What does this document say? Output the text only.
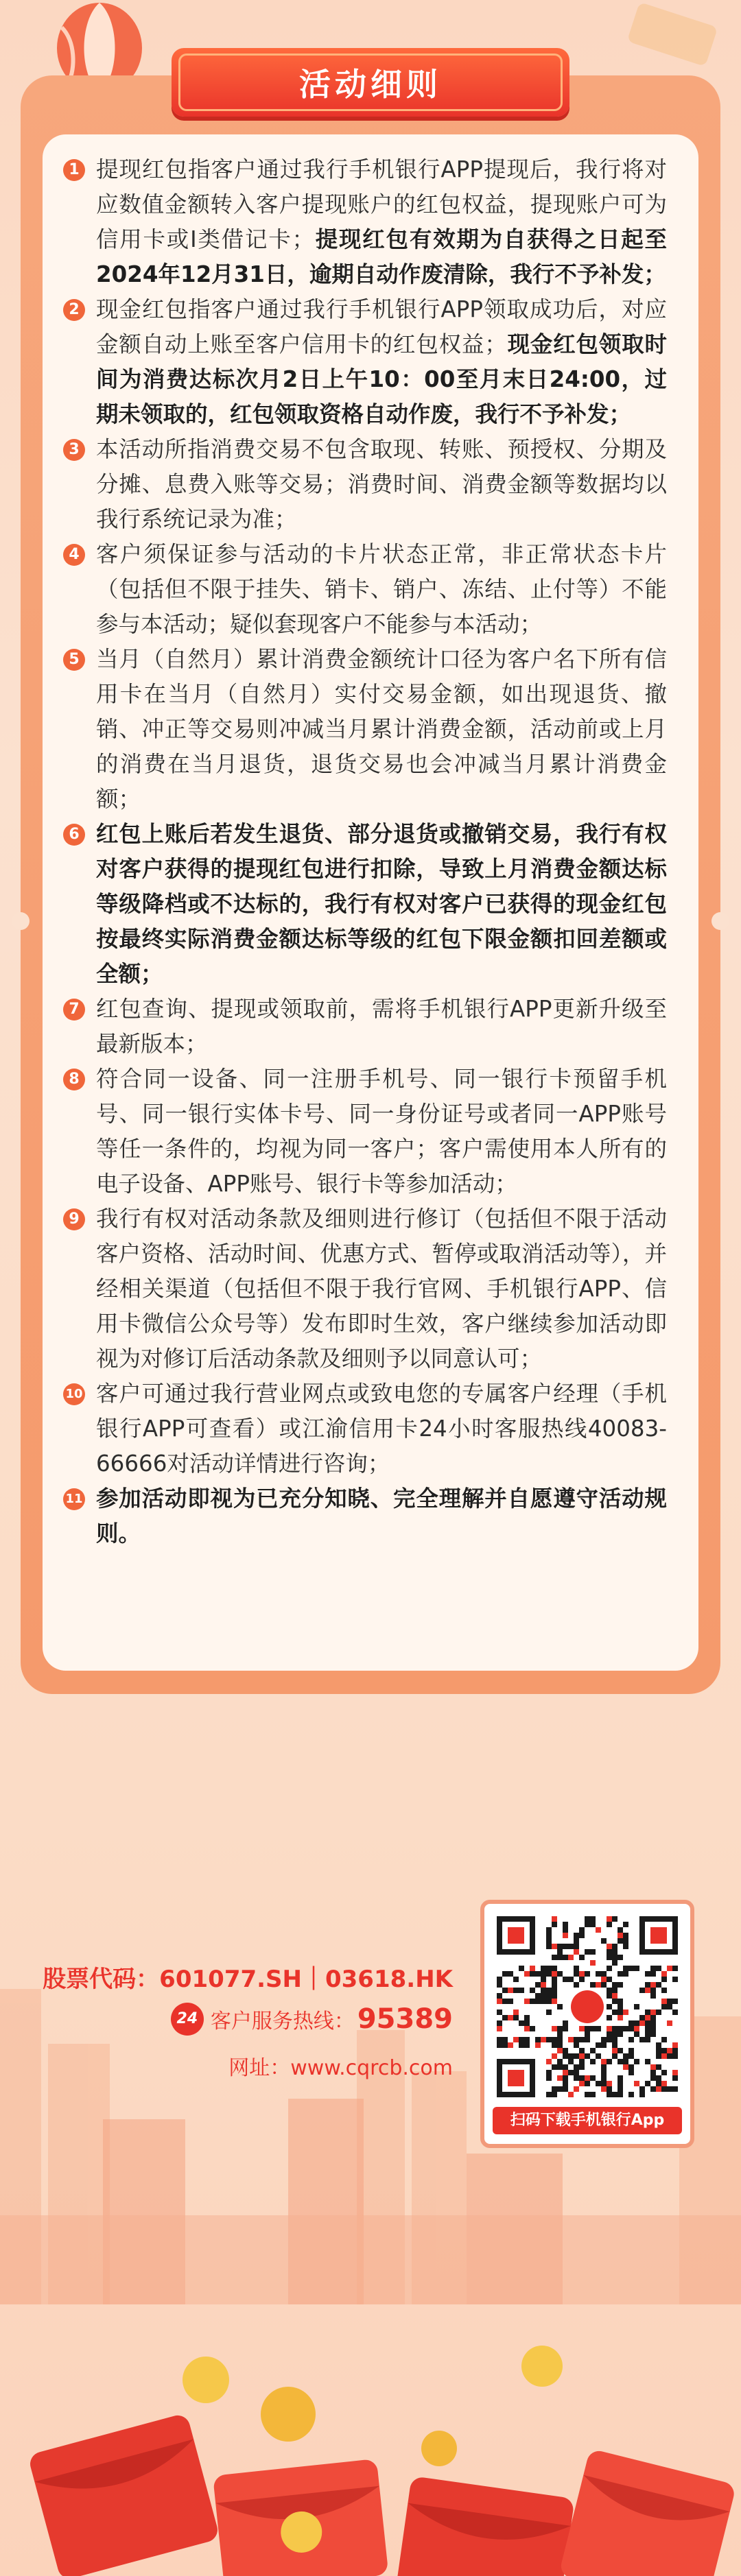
活动细则
1 提现红包指客户通过我行手机银行APP提现后，我行将对应数值金额转入客户提现账户的红包权益，提现账户可为信用卡或I类借记卡；提现红包有效期为自获得之日起至2024年12月31日，逾期自动作废清除，我行不予补发；
2 现金红包指客户通过我行手机银行APP领取成功后，对应金额自动上账至客户信用卡的红包权益；现金红包领取时间为消费达标次月2日上午10：00至月末日24:00，过期未领取的，红包领取资格自动作废，我行不予补发；
3 本活动所指消费交易不包含取现、转账、预授权、分期及分摊、息费入账等交易；消费时间、消费金额等数据均以我行系统记录为准；
4 客户须保证参与活动的卡片状态正常，非正常状态卡片（包括但不限于挂失、销卡、销户、冻结、止付等）不能参与本活动；疑似套现客户不能参与本活动；
5 当月（自然月）累计消费金额统计口径为客户名下所有信用卡在当月（自然月）实付交易金额，如出现退货、撤销、冲正等交易则冲减当月累计消费金额，活动前或上月的消费在当月退货，退货交易也会冲减当月累计消费金额；
6 红包上账后若发生退货、部分退货或撤销交易，我行有权对客户获得的提现红包进行扣除，导致上月消费金额达标等级降档或不达标的，我行有权对客户已获得的现金红包按最终实际消费金额达标等级的红包下限金额扣回差额或全额；
7 红包查询、提现或领取前，需将手机银行APP更新升级至最新版本；
8 符合同一设备、同一注册手机号、同一银行卡预留手机号、同一银行实体卡号、同一身份证号或者同一APP账号等任一条件的，均视为同一客户；客户需使用本人所有的电子设备、APP账号、银行卡等参加活动；
9 我行有权对活动条款及细则进行修订（包括但不限于活动客户资格、活动时间、优惠方式、暂停或取消活动等），并经相关渠道（包括但不限于我行官网、手机银行APP、信用卡微信公众号等）发布即时生效，客户继续参加活动即视为对修订后活动条款及细则予以同意认可；
10 客户可通过我行营业网点或致电您的专属客户经理（手机银行APP可查看）或江渝信用卡24小时客服热线40083-66666对活动详情进行咨询；
11 参加活动即视为已充分知晓、完全理解并自愿遵守活动规则。
股票代码：601077.SH｜03618.HK
24 客户服务热线： 95389
网址：www.cqrcb.com
扫码下载手机银行App
